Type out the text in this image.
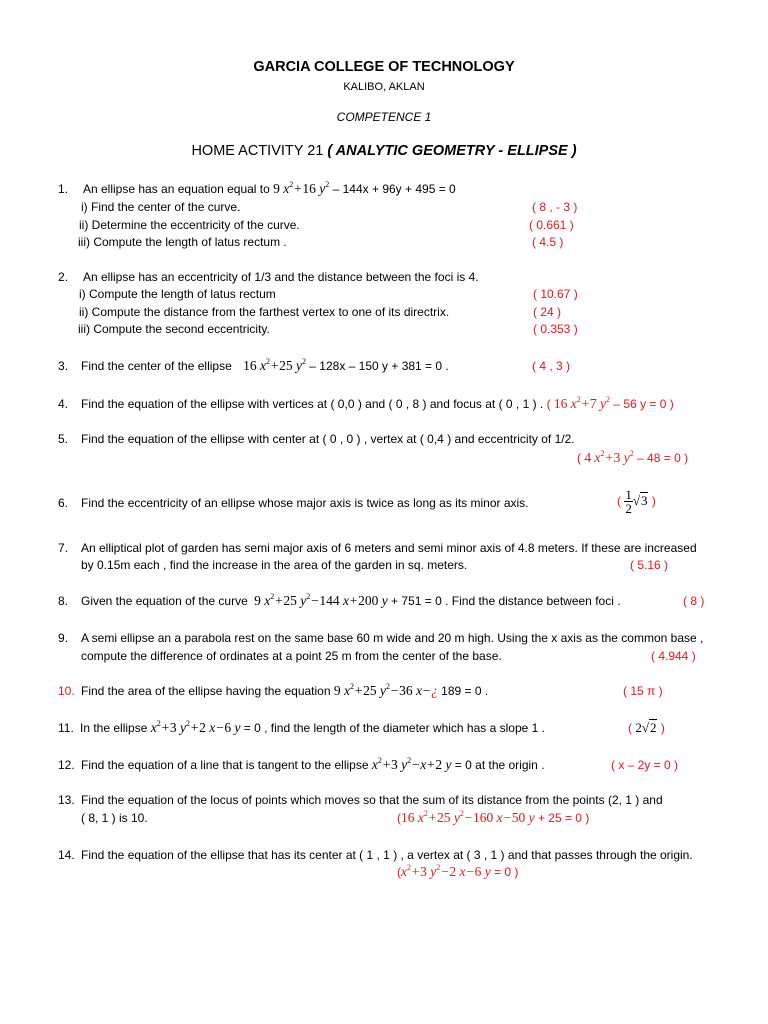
GARCIA COLLEGE OF TECHNOLOGY
KALIBO, AKLAN
COMPETENCE 1
HOME ACTIVITY 21 ( ANALYTIC GEOMETRY - ELLIPSE )
1. An ellipse has an equation equal to 9 $x^2+16$ $y^2 - 144x + 96y + 495 = 0$
i) Find the center of the curve.	( 8 , - 3 )
ii) Determine the eccentricity of the curve.	( 0.661 )
iii) Compute the length of latus rectum .	( 4.5 )
2. An ellipse has an eccentricity of 1/3 and the distance between the foci is 4.
i) Compute the length of latus rectum	( 10.67 )
ii) Compute the distance from the farthest vertex to one of its directrix.	( 24 )
iii) Compute the second eccentricity.	( 0.353 )
3. Find the center of the ellipse 16 $x^2+25$ $y^2 - 128x - 150$ y + 381 = 0 .	( 4 , 3 )
4. Find the equation of the ellipse with vertices at ( 0,0 ) and ( 0 , 8 ) and focus at ( 0 , 1 ) . ( 16 $x^2+7$ $y^2 - 56$ y = 0 )
5. Find the equation of the ellipse with center at ( 0 , 0 ) , vertex at ( 0,4 ) and eccentricity of 1/2.
( 4 $x^2+3$ $y^2 - 48 = 0$ )
6. Find the eccentricity of an ellipse whose major axis is twice as long as its minor axis.	( $\frac{1}{2} √3$ )
7. An elliptical plot of garden has semi major axis of 6 meters and semi minor axis of 4.8 meters. If these are increased
by 0.15m each , find the increase in the area of the garden in sq. meters.	( 5.16 )
8. Given the equation of the curve 9 $x^2+25$ $y^2-144$ x+200 y + 751 = 0 . Find the distance between foci .	( 8 )
9. A semi ellipse an a parabola rest on the same base 60 m wide and 20 m high. Using the x axis as the common base ,
compute the difference of ordinates at a point 25 m from the center of the base.	( 4.944 )
10. Find the area of the ellipse having the equation 9 $x^2+25$ $y^2-36$ x−¿ 189 = 0 .	( 15 π )
11. In the ellipse $x^2+3$ $y^2+2$ x−6 y = 0 , find the length of the diameter which has a slope 1 .	( 2√2 )
12. Find the equation of a line that is tangent to the ellipse $x^2+3$ $y^2-x+2$ y = 0 at the origin .	( x – 2y = 0 )
13. Find the equation of the locus of points which moves so that the sum of its distance from the points (2, 1 ) and
( 8, 1 ) is 10.	(16 $x^2+25$ $y^2-160$ x−50 y + 25 = 0 )
14. Find the equation of the ellipse that has its center at ( 1 , 1 ) , a vertex at ( 3 , 1 ) and that passes through the origin.
($x^2+3$ $y^2-2$ x−6 y = 0 )
